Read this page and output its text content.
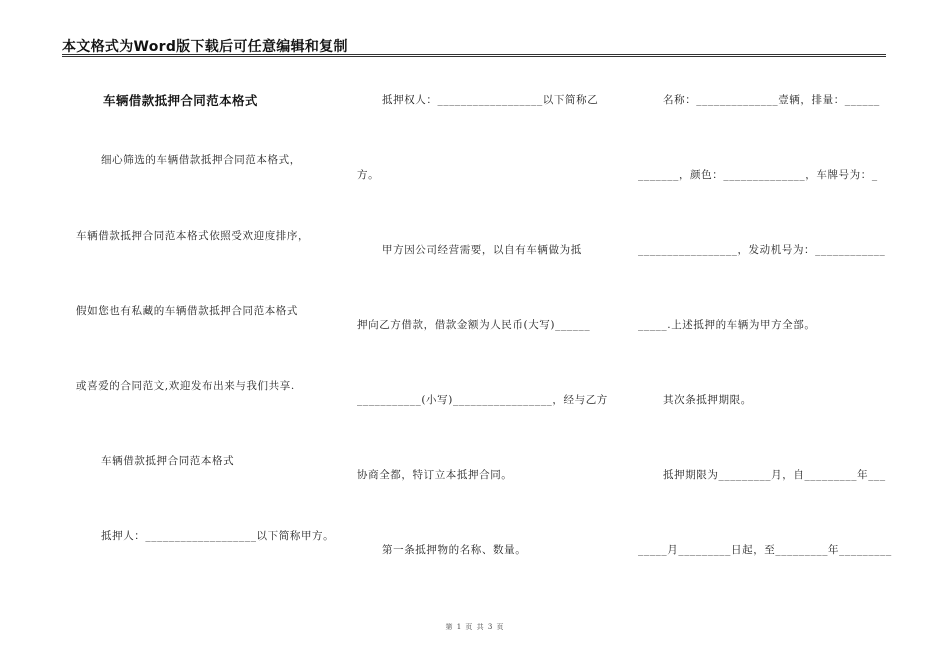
本文格式为Word版下载后可任意编辑和复制
车辆借款抵押合同范本格式
细心筛选的车辆借款抵押合同范本格式，
车辆借款抵押合同范本格式依照受欢迎度排序，
假如您也有私藏的车辆借款抵押合同范本格式
或喜爱的合同范文,欢迎发布出来与我们共享.
车辆借款抵押合同范本格式
抵押人：___________________以下简称甲方。
抵押权人：__________________以下简称乙
方。
甲方因公司经营需要，以自有车辆做为抵
押向乙方借款，借款金额为人民币(大写)______
___________(小写)_________________，经与乙方
协商全都，特订立本抵押合同。
第一条抵押物的名称、数量。
名称：______________壹辆，排量：______
_______，颜色：______________，车牌号为：_
_________________，发动机号为：____________
_____.上述抵押的车辆为甲方全部。
其次条抵押期限。
抵押期限为_________月，自_________年___
_____月_________日起，至_________年_________
第 1 页 共 3 页
